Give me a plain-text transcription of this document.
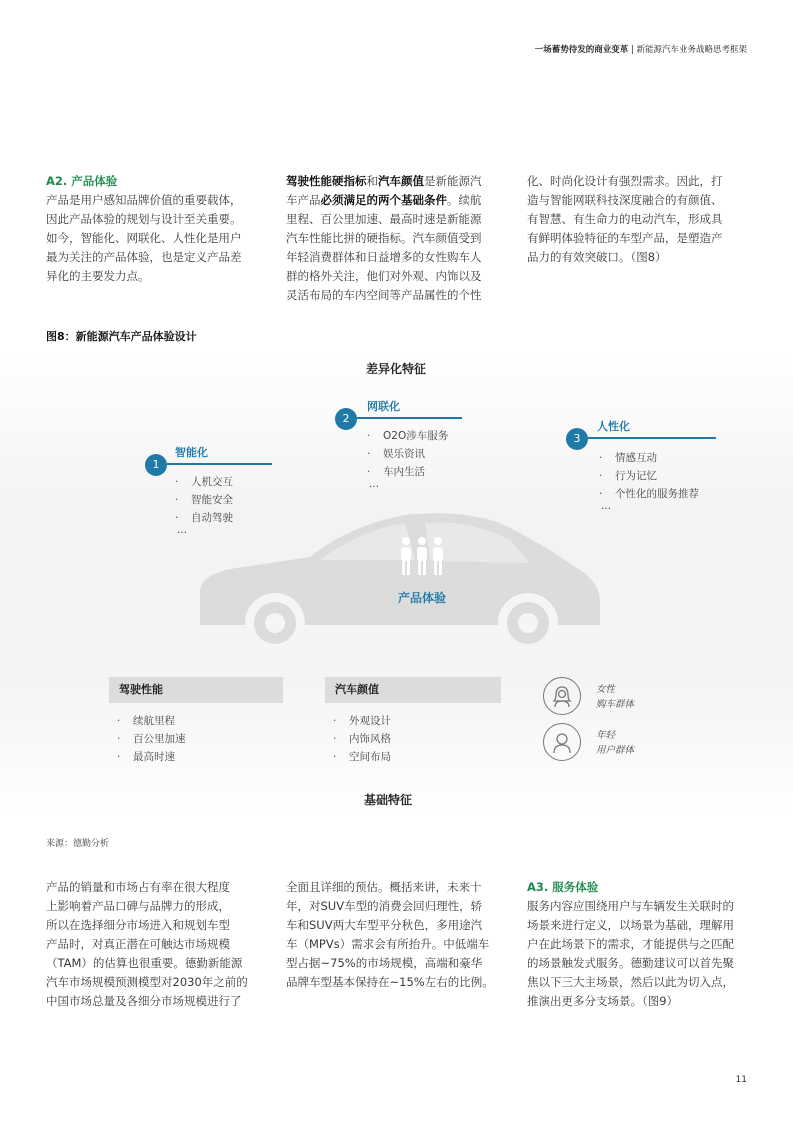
一场蓄势待发的商业变革 | 新能源汽车业务战略思考框架
A2. 产品体验
产品是用户感知品牌价值的重要载体，
因此产品体验的规划与设计至关重要。
如今，智能化、网联化、人性化是用户
最为关注的产品体验，也是定义产品差
异化的主要发力点。
驾驶性能硬指标和汽车颜值是新能源汽
车产品必须满足的两个基础条件。续航
里程、百公里加速、最高时速是新能源
汽车性能比拼的硬指标。汽车颜值受到
年轻消费群体和日益增多的女性购车人
群的格外关注，他们对外观、内饰以及
灵活布局的车内空间等产品属性的个性
化、时尚化设计有强烈需求。因此，打
造与智能网联科技深度融合的有颜值、
有智慧、有生命力的电动汽车，形成具
有鲜明体验特征的车型产品，是塑造产
品力的有效突破口。（图8）
图8：新能源汽车产品体验设计
差异化特征
产品体验
1
智能化
· 人机交互
· 智能安全
· 自动驾驶
…
2
网联化
· O2O涉车服务
· 娱乐资讯
· 车内生活
…
3
人性化
· 情感互动
· 行为记忆
· 个性化的服务推荐
…
驾驶性能
· 续航里程
· 百公里加速
· 最高时速
汽车颜值
· 外观设计
· 内饰风格
· 空间布局
女性
购车群体
年轻
用户群体
基础特征
来源：德勤分析
产品的销量和市场占有率在很大程度
上影响着产品口碑与品牌力的形成，
所以在选择细分市场进入和规划车型
产品时，对真正潜在可触达市场规模
（TAM）的估算也很重要。德勤新能源
汽车市场规模预测模型对2030年之前的
中国市场总量及各细分市场规模进行了
全面且详细的预估。概括来讲，未来十
年，对SUV车型的消费会回归理性，轿
车和SUV两大车型平分秋色，多用途汽
车（MPVs）需求会有所抬升。中低端车
型占据~75%的市场规模，高端和豪华
品牌车型基本保持在~15%左右的比例。
A3. 服务体验
服务内容应围绕用户与车辆发生关联时的
场景来进行定义，以场景为基础，理解用
户在此场景下的需求，才能提供与之匹配
的场景触发式服务。德勤建议可以首先聚
焦以下三大主场景，然后以此为切入点，
推演出更多分支场景。（图9）
11
